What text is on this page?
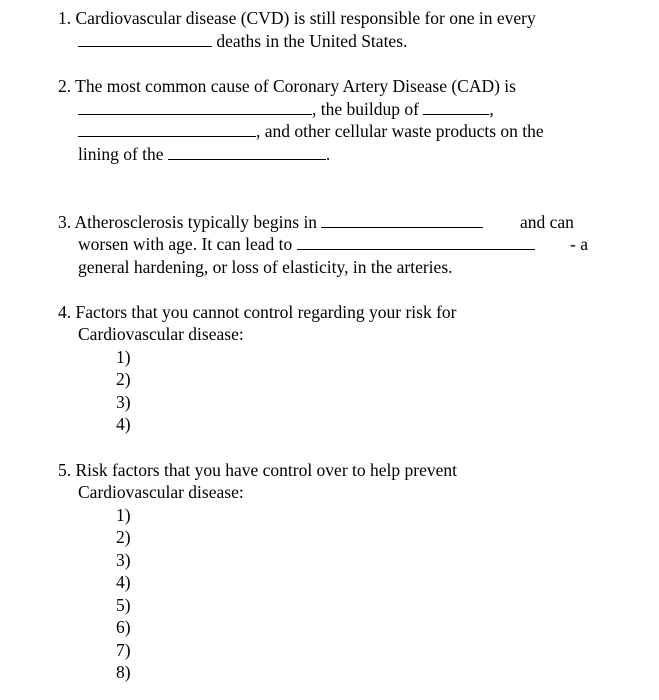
1. Cardiovascular disease (CVD) is still responsible for one in every
deaths in the United States.
2. The most common cause of Coronary Artery Disease (CAD) is
, the buildup of	,
, and other cellular waste products on the
lining of the	.
3. Atherosclerosis typically begins in	and can
worsen with age. It can lead to	- a
general hardening, or loss of elasticity, in the arteries.
4. Factors that you cannot control regarding your risk for
Cardiovascular disease:
1)
2)
3)
4)
5. Risk factors that you have control over to help prevent
Cardiovascular disease:
1)
2)
3)
4)
5)
6)
7)
8)
